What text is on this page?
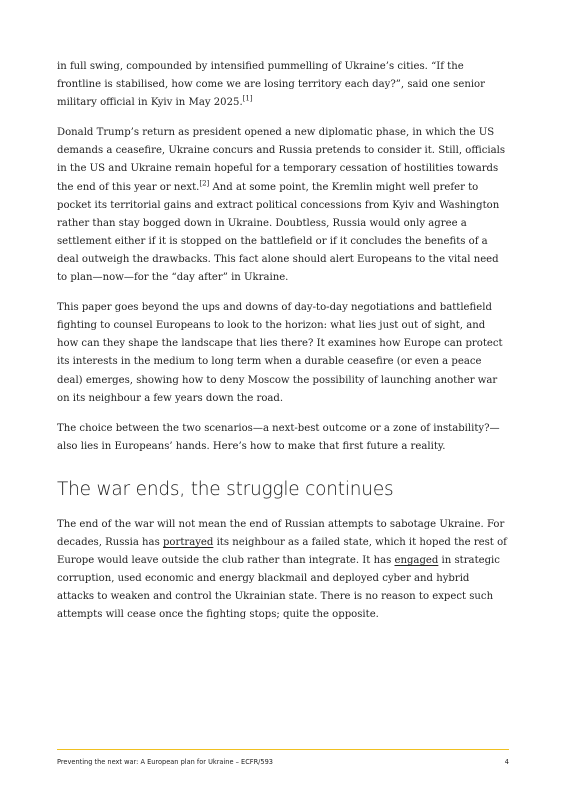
in full swing, compounded by intensified pummelling of Ukraine’s cities. “If the frontline is stabilised, how come we are losing territory each day?”, said one senior military official in Kyiv in May 2025.[1]

Donald Trump’s return as president opened a new diplomatic phase, in which the US demands a ceasefire, Ukraine concurs and Russia pretends to consider it. Still, officials in the US and Ukraine remain hopeful for a temporary cessation of hostilities towards the end of this year or next.[2] And at some point, the Kremlin might well prefer to pocket its territorial gains and extract political concessions from Kyiv and Washington rather than stay bogged down in Ukraine. Doubtless, Russia would only agree a settlement either if it is stopped on the battlefield or if it concludes the benefits of a deal outweigh the drawbacks. This fact alone should alert Europeans to the vital need to plan—now—for the “day after” in Ukraine.

This paper goes beyond the ups and downs of day-to-day negotiations and battlefield fighting to counsel Europeans to look to the horizon: what lies just out of sight, and how can they shape the landscape that lies there? It examines how Europe can protect its interests in the medium to long term when a durable ceasefire (or even a peace deal) emerges, showing how to deny Moscow the possibility of launching another war on its neighbour a few years down the road.

The choice between the two scenarios—a next-best outcome or a zone of instability?—also lies in Europeans’ hands. Here’s how to make that first future a reality.

The war ends, the struggle continues

The end of the war will not mean the end of Russian attempts to sabotage Ukraine. For decades, Russia has portrayed its neighbour as a failed state, which it hoped the rest of Europe would leave outside the club rather than integrate. It has engaged in strategic corruption, used economic and energy blackmail and deployed cyber and hybrid attacks to weaken and control the Ukrainian state. There is no reason to expect such attempts will cease once the fighting stops; quite the opposite.

Preventing the next war: A European plan for Ukraine – ECFR/593	4
